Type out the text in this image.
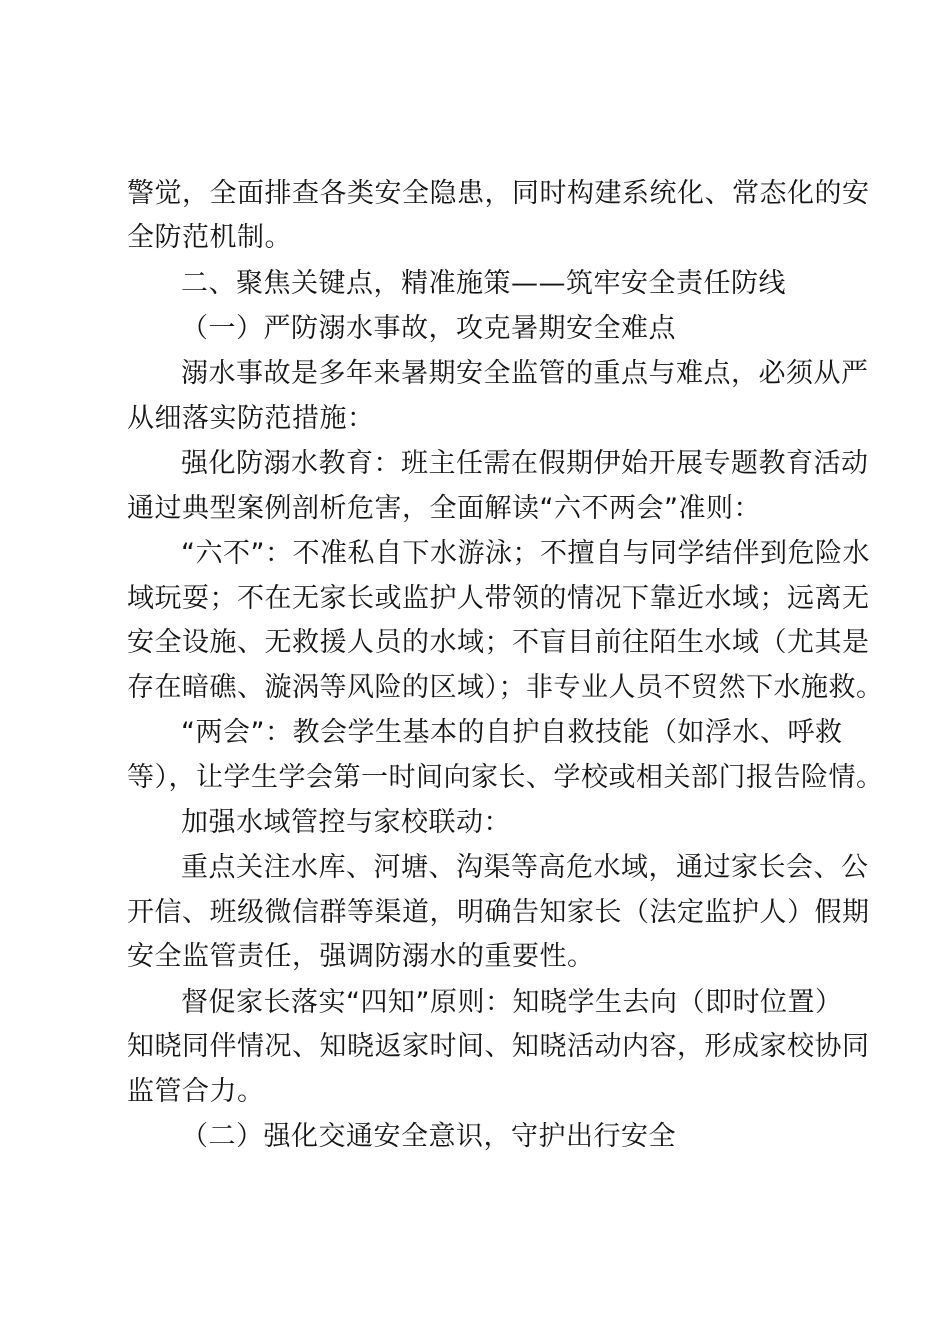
警觉，全面排查各类安全隐患，同时构建系统化、常态化的安
全防范机制。
二、聚焦关键点，精准施策——筑牢安全责任防线
（一）严防溺水事故，攻克暑期安全难点
溺水事故是多年来暑期安全监管的重点与难点，必须从严
从细落实防范措施：
强化防溺水教育：班主任需在假期伊始开展专题教育活动
通过典型案例剖析危害，全面解读“六不两会”准则：
“六不”：不准私自下水游泳；不擅自与同学结伴到危险水
域玩耍；不在无家长或监护人带领的情况下靠近水域；远离无
安全设施、无救援人员的水域；不盲目前往陌生水域（尤其是
存在暗礁、漩涡等风险的区域）；非专业人员不贸然下水施救。
“两会”：教会学生基本的自护自救技能（如浮水、呼救
等），让学生学会第一时间向家长、学校或相关部门报告险情。
加强水域管控与家校联动：
重点关注水库、河塘、沟渠等高危水域，通过家长会、公
开信、班级微信群等渠道，明确告知家长（法定监护人）假期
安全监管责任，强调防溺水的重要性。
督促家长落实“四知”原则：知晓学生去向（即时位置）
知晓同伴情况、知晓返家时间、知晓活动内容，形成家校协同
监管合力。
（二）强化交通安全意识，守护出行安全
